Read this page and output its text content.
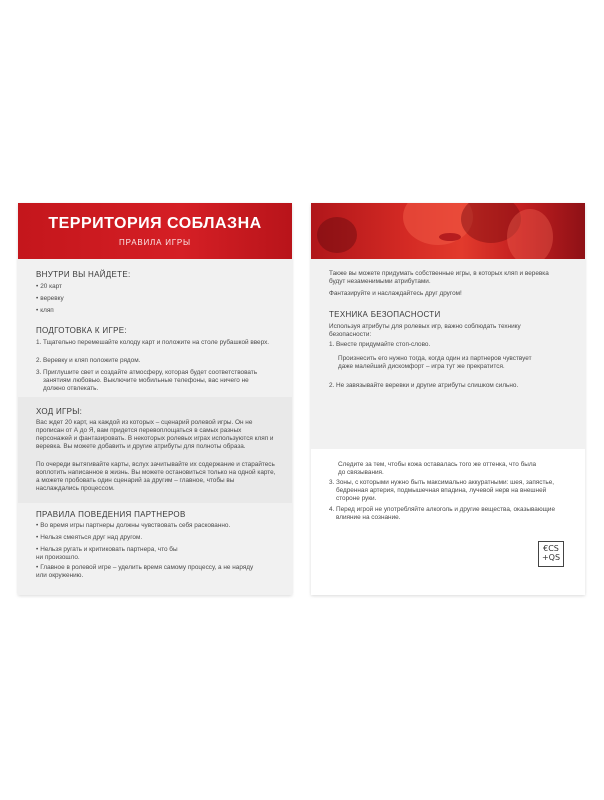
ТЕРРИТОРИЯ СОБЛАЗНА
ПРАВИЛА ИГРЫ
ВНУТРИ ВЫ НАЙДЕТЕ:
• 20 карт
• веревку
• кляп
ПОДГОТОВКА К ИГРЕ:
1. Тщательно перемешайте колоду карт и положите на столе рубашкой вверх.
2. Веревку и кляп положите рядом.
3. Приглушите свет и создайте атмосферу, которая будет соответствовать занятиям любовью. Выключите мобильные телефоны, вас ничего не должно отвлекать.
ХОД ИГРЫ:
Вас ждет 20 карт, на каждой из которых – сценарий ролевой игры. Он не прописан от А до Я, вам придется перевоплощаться в самых разных персонажей и фантазировать. В некоторых ролевых играх используются кляп и веревка. Вы можете добавить и другие атрибуты для полноты образа.
По очереди вытягивайте карты, вслух зачитывайте их содержание и старайтесь воплотить написанное в жизнь. Вы можете остановиться только на одной карте, а можете пробовать один сценарий за другим – главное, чтобы вы наслаждались процессом.
ПРАВИЛА ПОВЕДЕНИЯ ПАРТНЕРОВ
• Во время игры партнеры должны чувствовать себя раскованно.
• Нельзя смеяться друг над другом.
• Нельзя ругать и критиковать партнера, что бы ни произошло.
• Главное в ролевой игре – уделить время самому процессу, а не наряду или окружению.
Также вы можете придумать собственные игры, в которых кляп и веревка будут незаменимыми атрибутами.
Фантазируйте и наслаждайтесь друг другом!
ТЕХНИКА БЕЗОПАСНОСТИ
Используя атрибуты для ролевых игр, важно соблюдать технику безопасности:
1. Внесте придумайте стоп-слово.
Произнесить его нужно тогда, когда один из партнеров чувствует даже малейший дискомфорт – игра тут же прекратится.
2. Не завязывайте веревки и другие атрибуты слишком сильно.
Следите за тем, чтобы кожа оставалась того же оттенка, что была до связывания.
3. Зоны, с которыми нужно быть максимально аккуратными: шея, запястье, бедренная артерия, подмышечная впадина, лучевой нерв на внешней стороне руки.
4. Перед игрой не употребляйте алкоголь и другие вещества, оказывающие влияние на сознание.
€CS
+QS
